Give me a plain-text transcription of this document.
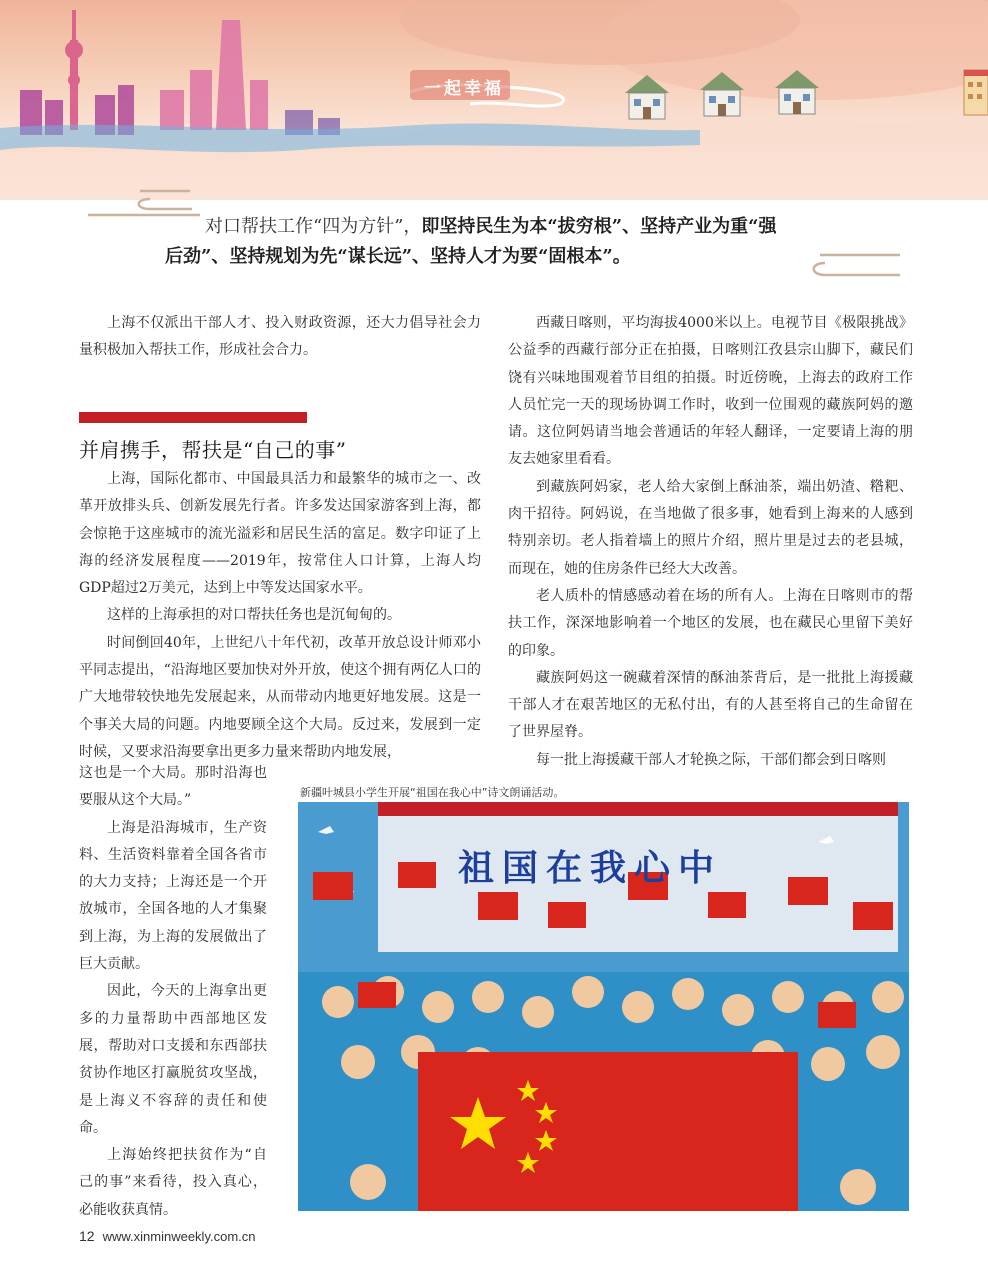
一起幸福
对口帮扶工作“四为方针”，即坚持民生为本“拔穷根”、坚持产业为重“强
后劲”、坚持规划为先“谋长远”、坚持人才为要“固根本”。

上海不仅派出干部人才、投入财政资源，还大力倡导社会力量积极加入帮扶工作，形成社会合力。

并肩携手，帮扶是“自己的事”

上海，国际化都市、中国最具活力和最繁华的城市之一、改革开放排头兵、创新发展先行者。许多发达国家游客到上海，都会惊艳于这座城市的流光溢彩和居民生活的富足。数字印证了上海的经济发展程度——2019年，按常住人口计算，上海人均GDP超过2万美元，达到上中等发达国家水平。

这样的上海承担的对口帮扶任务也是沉甸甸的。

时间倒回40年，上世纪八十年代初，改革开放总设计师邓小平同志提出，“沿海地区要加快对外开放，使这个拥有两亿人口的广大地带较快地先发展起来，从而带动内地更好地发展。这是一个事关大局的问题。内地要顾全这个大局。反过来，发展到一定时候，又要求沿海要拿出更多力量来帮助内地发展，

这也是一个大局。那时沿海也要服从这个大局。”

上海是沿海城市，生产资料、生活资料靠着全国各省市的大力支持；上海还是一个开放城市，全国各地的人才集聚到上海，为上海的发展做出了巨大贡献。

因此，今天的上海拿出更多的力量帮助中西部地区发展，帮助对口支援和东西部扶贫协作地区打赢脱贫攻坚战，是上海义不容辞的责任和使命。

上海始终把扶贫作为“自己的事”来看待，投入真心，必能收获真情。

西藏日喀则，平均海拔4000米以上。电视节目《极限挑战》公益季的西藏行部分正在拍摄，日喀则江孜县宗山脚下，藏民们饶有兴味地围观着节目组的拍摄。时近傍晚，上海去的政府工作人员忙完一天的现场协调工作时，收到一位围观的藏族阿妈的邀请。这位阿妈请当地会普通话的年轻人翻译，一定要请上海的朋友去她家里看看。

到藏族阿妈家，老人给大家倒上酥油茶，端出奶渣、糌粑、肉干招待。阿妈说，在当地做了很多事，她看到上海来的人感到特别亲切。老人指着墙上的照片介绍，照片里是过去的老县城，而现在，她的住房条件已经大大改善。

老人质朴的情感感动着在场的所有人。上海在日喀则市的帮扶工作，深深地影响着一个地区的发展，也在藏民心里留下美好的印象。

藏族阿妈这一碗藏着深情的酥油茶背后，是一批批上海援藏干部人才在艰苦地区的无私付出，有的人甚至将自己的生命留在了世界屋脊。

每一批上海援藏干部人才轮换之际，干部们都会到日喀则

新疆叶城县小学生开展“祖国在我心中”诗文朗诵活动。
祖国在我心中
12 www.xinminweekly.com.cn
